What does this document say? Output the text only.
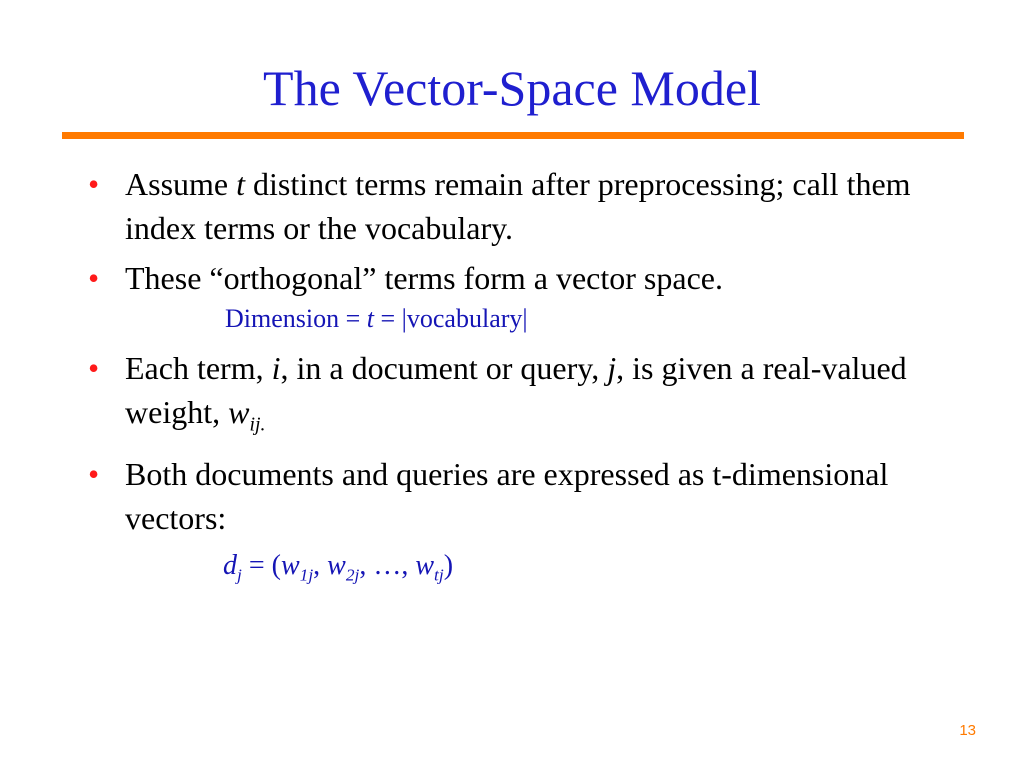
The Vector-Space Model
• Assume t distinct terms remain after preprocessing; call them index terms or the vocabulary.
• These “orthogonal” terms form a vector space.
Dimension = t = |vocabulary|
• Each term, i, in a document or query, j, is given a real-valued weight, $w_{ij.}$
• Both documents and queries are expressed as t-dimensional vectors:
$d_j = (w_{1j}$, $w_{2j}$, …, $w_{tj}$)
13
